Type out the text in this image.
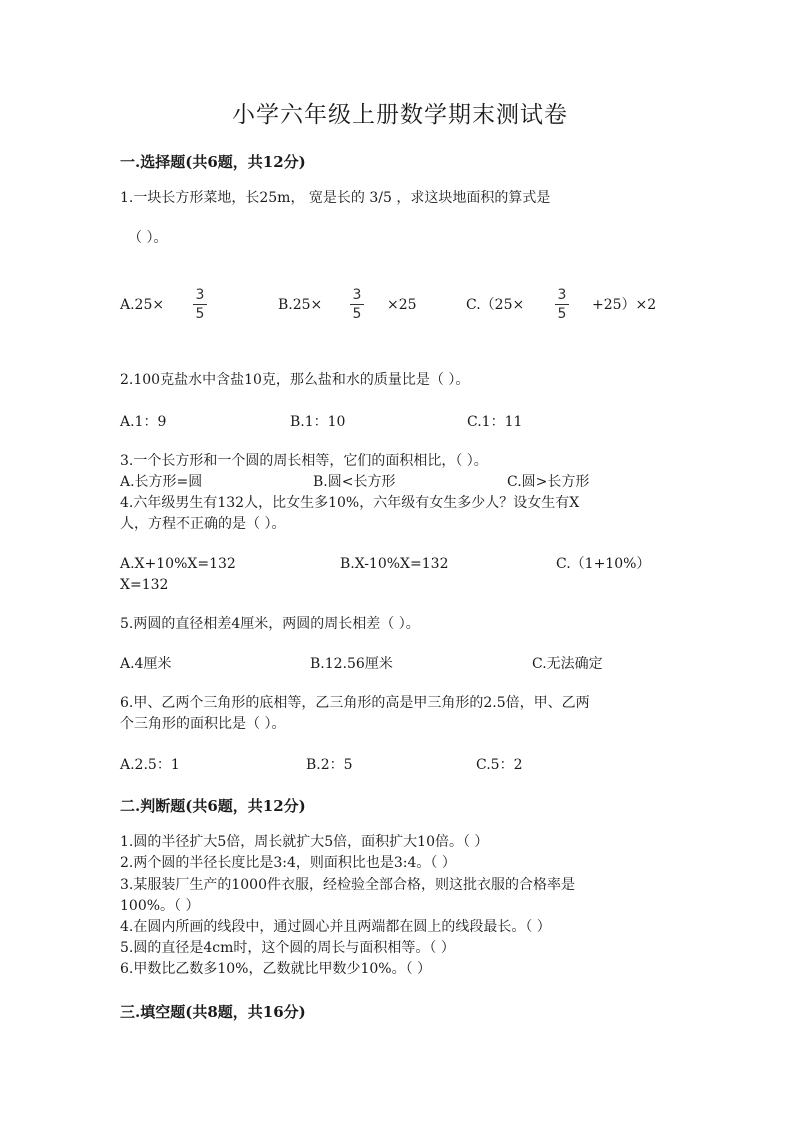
小学六年级上册数学期末测试卷
一.选择题(共6题，共12分)
1.一块长方形菜地，长25m， 宽是长的 3/5 ，求这块地面积的算式是
（ ）。
A.25×
3
5
B.25×
3
5
×25	C.（25×
3
5
+25）×2
2.100克盐水中含盐10克，那么盐和水的质量比是（ ）。
A.1：9	B.1：10	C.1：11
3.一个长方形和一个圆的周长相等，它们的面积相比，（ ）。
A.长方形=圆	B.圆<长方形	C.圆>长方形
4.六年级男生有132人，比女生多10%，六年级有女生多少人？设女生有X
人，方程不正确的是（ ）。
A.X+10%X=132	B.X-10%X=132	C.（1+10%）
X=132
5.两圆的直径相差4厘米，两圆的周长相差（ ）。
A.4厘米	B.12.56厘米	C.无法确定
6.甲、乙两个三角形的底相等，乙三角形的高是甲三角形的2.5倍，甲、乙两
个三角形的面积比是（ ）。
A.2.5：1	B.2：5	C.5：2
二.判断题(共6题，共12分)
1.圆的半径扩大5倍，周长就扩大5倍，面积扩大10倍。（ ）
2.两个圆的半径长度比是3:4，则面积比也是3:4。（ ）
3.某服装厂生产的1000件衣服，经检验全部合格，则这批衣服的合格率是
100%。（ ）
4.在圆内所画的线段中，通过圆心并且两端都在圆上的线段最长。（ ）
5.圆的直径是4cm时，这个圆的周长与面积相等。（ ）
6.甲数比乙数多10%，乙数就比甲数少10%。（ ）
三.填空题(共8题，共16分)
